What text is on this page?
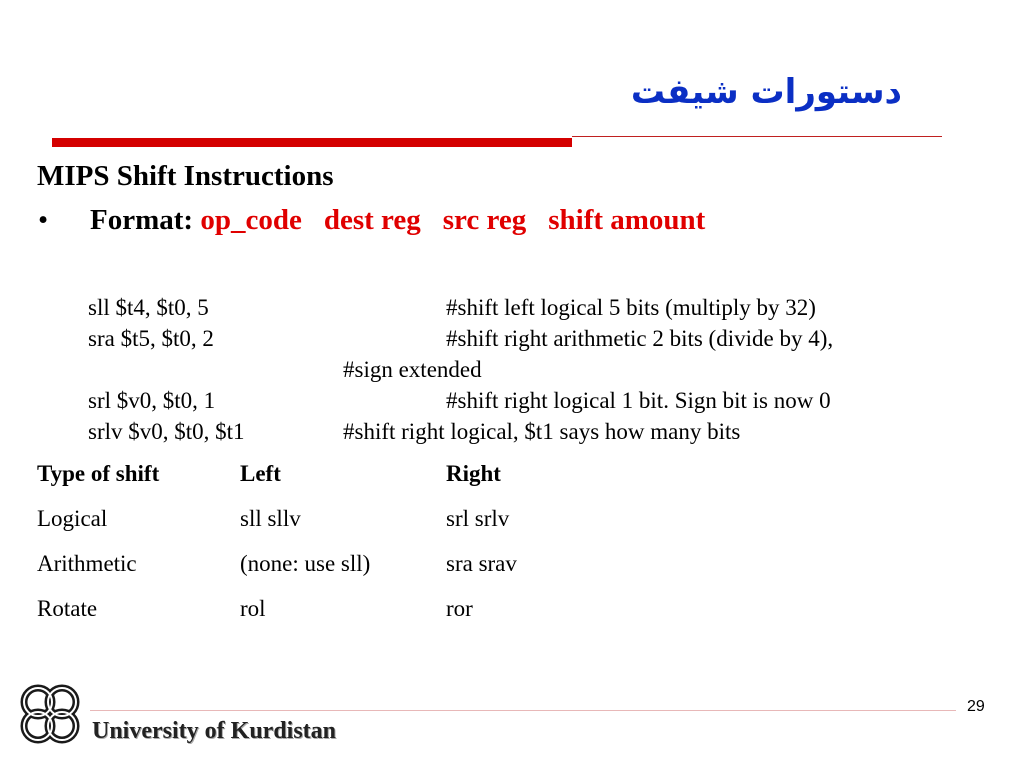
دستورات شیفت
MIPS Shift Instructions
• Format: op_code dest reg src reg shift amount
sll $t4, $t0, 5	#shift left logical 5 bits (multiply by 32)
sra $t5, $t0, 2	#shift right arithmetic 2 bits (divide by 4),
#sign extended
srl $v0, $t0, 1	#shift right logical 1 bit. Sign bit is now 0
srlv $v0, $t0, $t1	#shift right logical, $t1 says how many bits
Type of shift	Left	Right
Logical	sll sllv	srl srlv
Arithmetic	(none: use sll)	sra srav
Rotate	rol	ror
29
University of Kurdistan
